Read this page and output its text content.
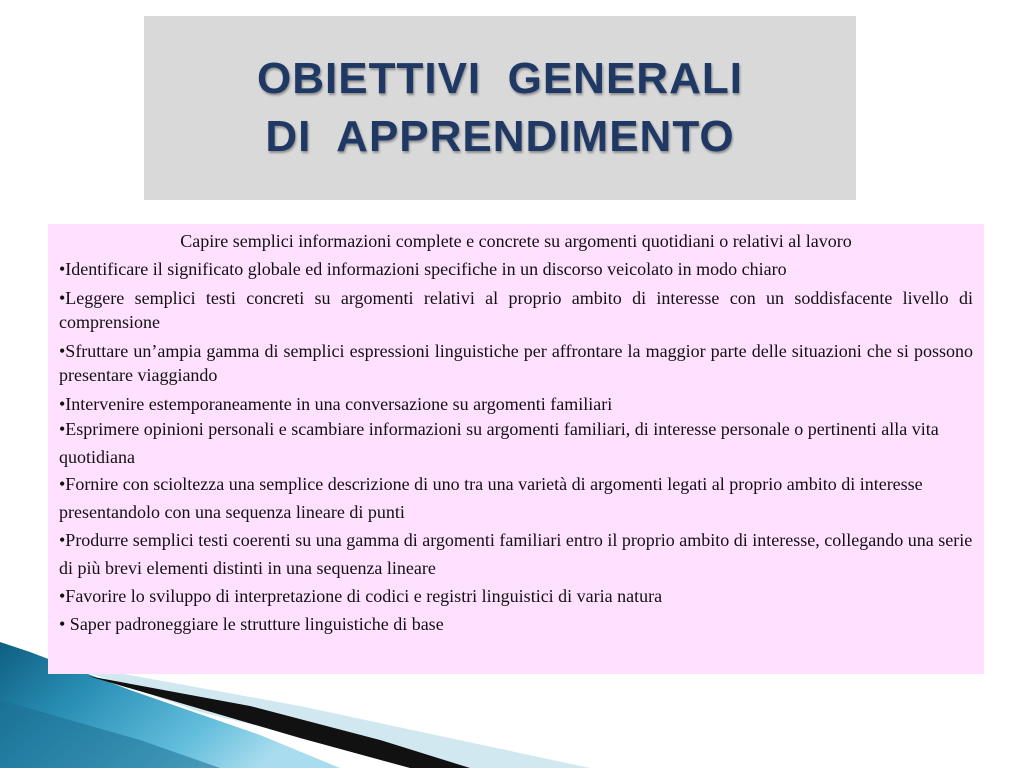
OBIETTIVI  GENERALI
DI  APPRENDIMENTO

Capire semplici informazioni complete e concrete su argomenti quotidiani o relativi al lavoro

•Identificare il significato globale ed informazioni specifiche in un discorso veicolato in modo chiaro

•Leggere semplici testi concreti su argomenti relativi al proprio ambito di interesse con un soddisfacente livello di comprensione

•Sfruttare un’ampia gamma di semplici espressioni linguistiche per affrontare la maggior parte delle situazioni che si possono presentare viaggiando

•Intervenire estemporaneamente in una conversazione su argomenti familiari

•Esprimere opinioni personali e scambiare informazioni su argomenti familiari, di interesse personale o pertinenti alla vita quotidiana

•Fornire con scioltezza una semplice descrizione di uno tra una varietà di argomenti legati al proprio ambito di interesse presentandolo con una sequenza lineare di punti

•Produrre semplici testi coerenti su una gamma di argomenti familiari entro il proprio ambito di interesse, collegando una serie di più brevi elementi distinti in una sequenza lineare

•Favorire lo sviluppo di interpretazione di codici e registri linguistici di varia natura

• Saper padroneggiare le strutture linguistiche di base
